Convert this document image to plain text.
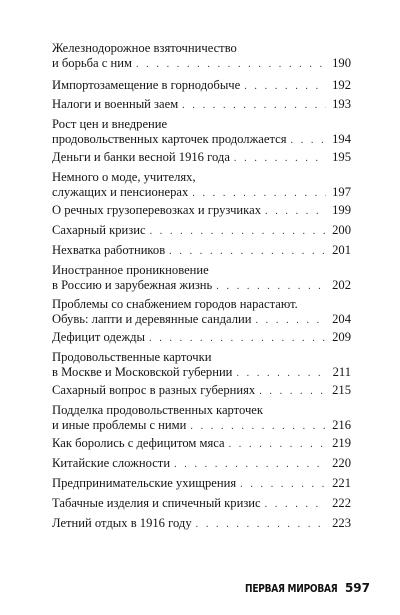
Железнодорожное взяточничество
и борьба с ним . . .	190
Импортозамещение в горнодобыче . . .	192
Налоги и военный заем . . .	193
Рост цен и внедрение
продовольственных карточек продолжается . . .	194
Деньги и банки весной 1916 года . . .	195
Немного о моде, учителях,
служащих и пенсионерах . . .	197
О речных грузоперевозках и грузчиках . . .	199
Сахарный кризис . . .	200
Нехватка работников . . .	201
Иностранное проникновение
в Россию и зарубежная жизнь . . .	202
Проблемы со снабжением городов нарастают.
Обувь: лапти и деревянные сандалии . . .	204
Дефицит одежды . . .	209
Продовольственные карточки
в Москве и Московской губернии . . .	211
Сахарный вопрос в разных губерниях . . .	215
Подделка продовольственных карточек
и иные проблемы с ними . . .	216
Как боролись с дефицитом мяса . . .	219
Китайские сложности . . .	220
Предпринимательские ухищрения . . .	221
Табачные изделия и спичечный кризис . . .	222
Летний отдых в 1916 году . . .	223
ПЕРВАЯ МИРОВАЯ 597
